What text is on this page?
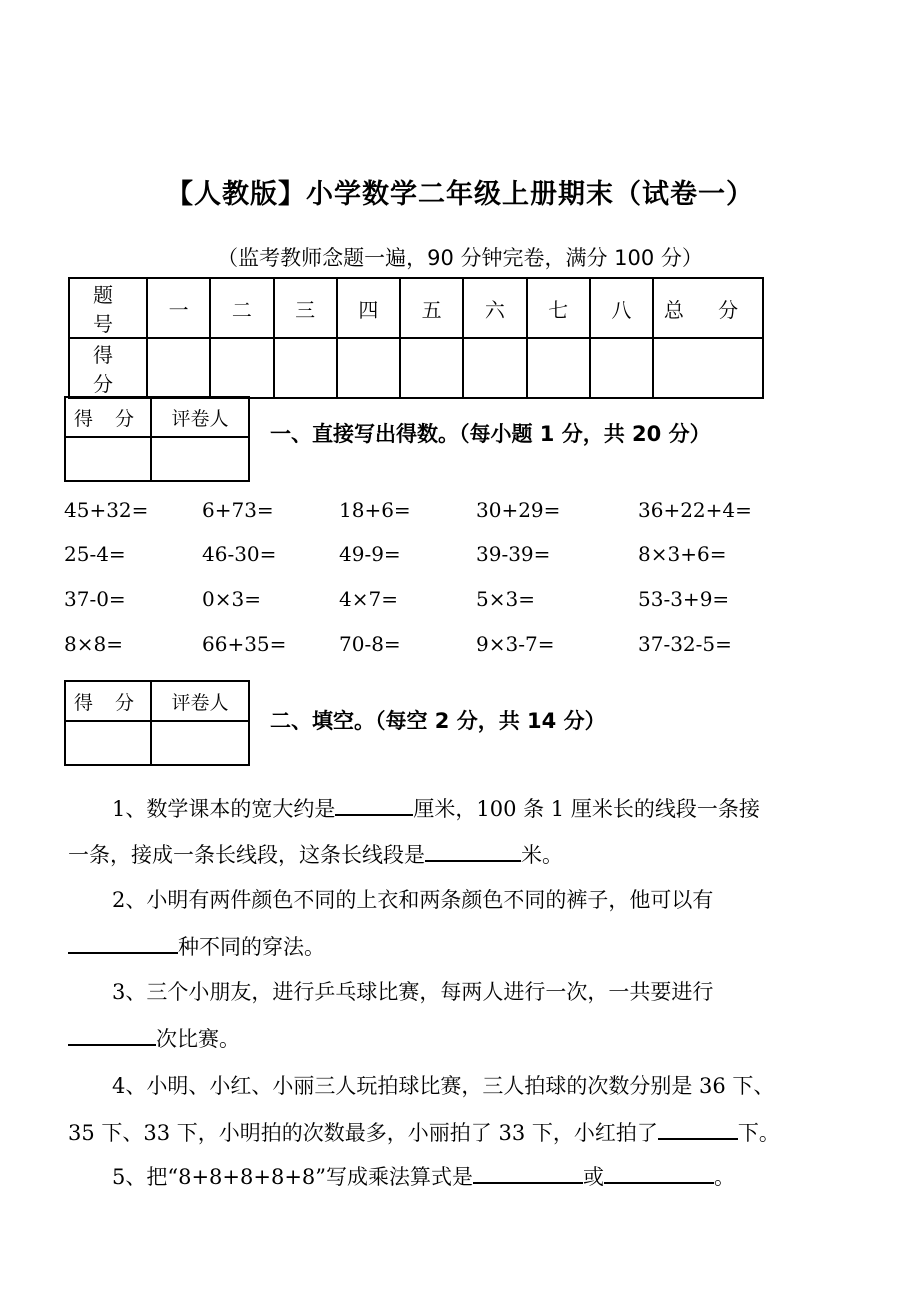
【人教版】小学数学二年级上册期末（试卷一）
（监考教师念题一遍，90 分钟完卷，满分 100 分）
题 号	一	二	三	四	五	六	七	八	总 分
得 分									
得 分	评卷人

一、直接写出得数。（每小题 1 分，共 20 分）
45+32=	6+73=	18+6=	30+29=	36+22+4=
25-4=	46-30=	49-9=	39-39=	8×3+6=
37-0=	0×3=	4×7=	5×3=	53-3+9=
8×8=	66+35=	70-8=	9×3-7=	37-32-5=
得 分	评卷人

二、填空。（每空 2 分，共 14 分）
1、数学课本的宽大约是	厘米，100 条 1 厘米长的线段一条接
一条，接成一条长线段，这条长线段是	米。
2、小明有两件颜色不同的上衣和两条颜色不同的裤子，他可以有
种不同的穿法。
3、三个小朋友，进行乒乓球比赛，每两人进行一次，一共要进行
次比赛。
4、小明、小红、小丽三人玩拍球比赛，三人拍球的次数分别是 36 下、
35 下、33 下，小明拍的次数最多，小丽拍了 33 下，小红拍了	下。
5、把“8+8+8+8+8”写成乘法算式是	或	。
